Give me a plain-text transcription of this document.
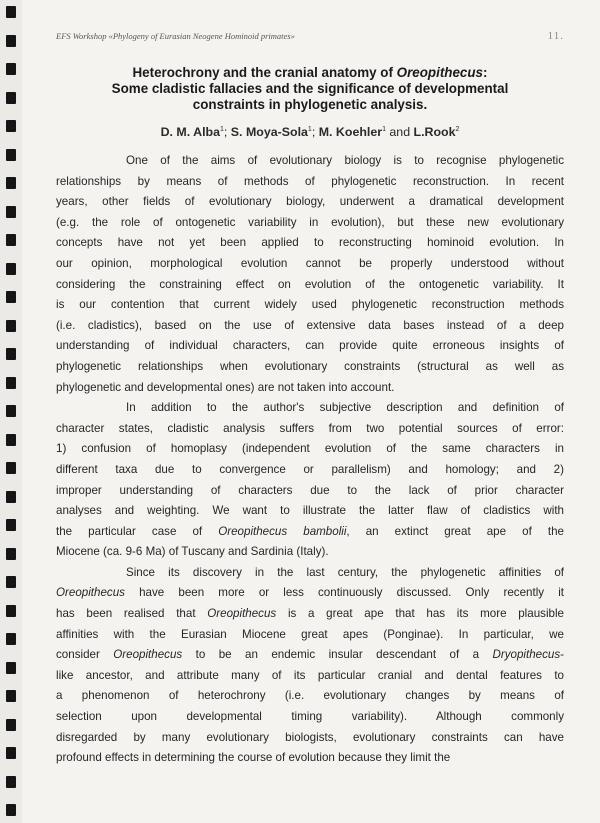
EFS Workshop «Phylogeny of Eurasian Neogene Hominoid primates»	11.
Heterochrony and the cranial anatomy of Oreopithecus:
Some cladistic fallacies and the significance of developmental
constraints in phylogenetic analysis.
D. M. Alba$^1$; S. Moya-Sola$^1$; M. Koehler$^1$ and L.Rook$^2$

One of the aims of evolutionary biology is to recognise phylogenetic
relationships by means of methods of phylogenetic reconstruction. In recent
years, other fields of evolutionary biology, underwent a dramatical development
(e.g. the role of ontogenetic variability in evolution), but these new evolutionary
concepts have not yet been applied to reconstructing hominoid evolution. In
our opinion, morphological evolution cannot be properly understood without
considering the constraining effect on evolution of the ontogenetic variability. It
is our contention that current widely used phylogenetic reconstruction methods
(i.e. cladistics), based on the use of extensive data bases instead of a deep
understanding of individual characters, can provide quite erroneous insights of
phylogenetic relationships when evolutionary constraints (structural as well as
phylogenetic and developmental ones) are not taken into account.

In addition to the author's subjective description and definition of
character states, cladistic analysis suffers from two potential sources of error:
1) confusion of homoplasy (independent evolution of the same characters in
different taxa due to convergence or parallelism) and homology; and 2)
improper understanding of characters due to the lack of prior character
analyses and weighting. We want to illustrate the latter flaw of cladistics with
the particular case of Oreopithecus bambolii, an extinct great ape of the
Miocene (ca. 9-6 Ma) of Tuscany and Sardinia (Italy).

Since its discovery in the last century, the phylogenetic affinities of
Oreopithecus have been more or less continuously discussed. Only recently it
has been realised that Oreopithecus is a great ape that has its more plausible
affinities with the Eurasian Miocene great apes (Ponginae). In particular, we
consider Oreopithecus to be an endemic insular descendant of a Dryopithecus-
like ancestor, and attribute many of its particular cranial and dental features to
a phenomenon of heterochrony (i.e. evolutionary changes by means of
selection upon developmental timing variability). Although commonly
disregarded by many evolutionary biologists, evolutionary constraints can have
profound effects in determining the course of evolution because they limit the
